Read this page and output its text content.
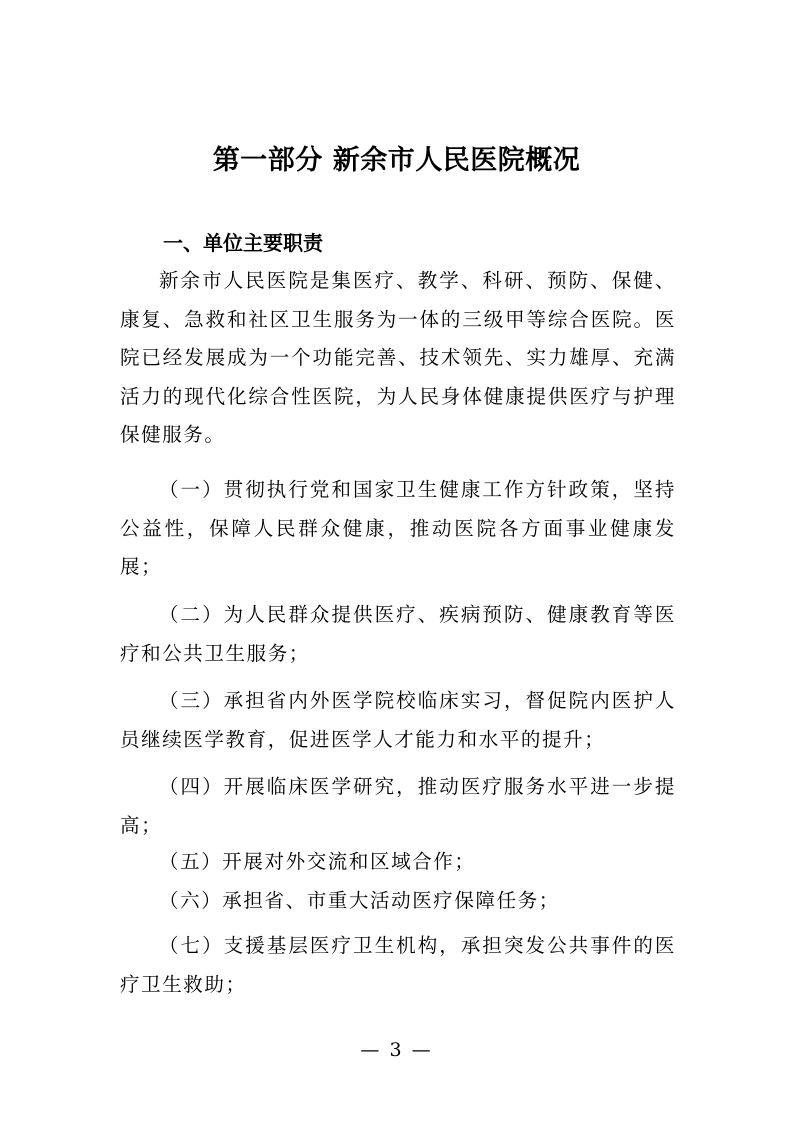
第一部分 新余市人民医院概况
一、单位主要职责

新余市人民医院是集医疗、教学、科研、预防、保健、康复、急救和社区卫生服务为一体的三级甲等综合医院。医院已经发展成为一个功能完善、技术领先、实力雄厚、充满活力的现代化综合性医院，为人民身体健康提供医疗与护理保健服务。

（一）贯彻执行党和国家卫生健康工作方针政策，坚持公益性，保障人民群众健康，推动医院各方面事业健康发展；

（二）为人民群众提供医疗、疾病预防、健康教育等医疗和公共卫生服务；

（三）承担省内外医学院校临床实习，督促院内医护人员继续医学教育，促进医学人才能力和水平的提升；

（四）开展临床医学研究，推动医疗服务水平进一步提高；

（五）开展对外交流和区域合作；

（六）承担省、市重大活动医疗保障任务；

（七）支援基层医疗卫生机构，承担突发公共事件的医疗卫生救助；

— 3 —
